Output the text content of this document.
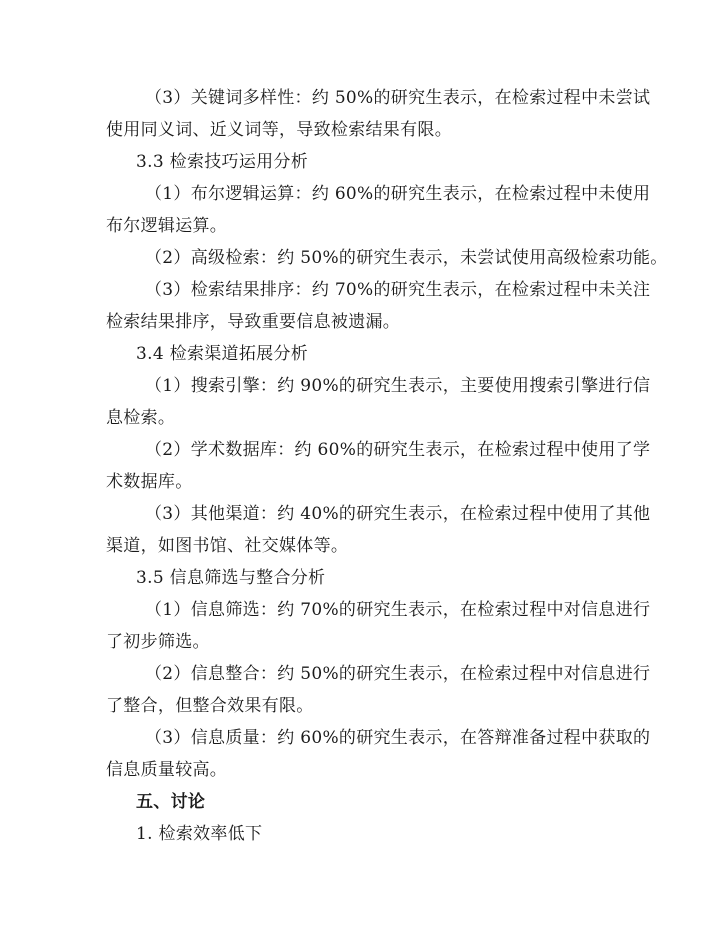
（3）关键词多样性：约 50%的研究生表示，在检索过程中未尝试
使用同义词、近义词等，导致检索结果有限。
3.3 检索技巧运用分析
（1）布尔逻辑运算：约 60%的研究生表示，在检索过程中未使用
布尔逻辑运算。
（2）高级检索：约 50%的研究生表示，未尝试使用高级检索功能。
（3）检索结果排序：约 70%的研究生表示，在检索过程中未关注
检索结果排序，导致重要信息被遗漏。
3.4 检索渠道拓展分析
（1）搜索引擎：约 90%的研究生表示，主要使用搜索引擎进行信
息检索。
（2）学术数据库：约 60%的研究生表示，在检索过程中使用了学
术数据库。
（3）其他渠道：约 40%的研究生表示，在检索过程中使用了其他
渠道，如图书馆、社交媒体等。
3.5 信息筛选与整合分析
（1）信息筛选：约 70%的研究生表示，在检索过程中对信息进行
了初步筛选。
（2）信息整合：约 50%的研究生表示，在检索过程中对信息进行
了整合，但整合效果有限。
（3）信息质量：约 60%的研究生表示，在答辩准备过程中获取的
信息质量较高。
五、讨论
1. 检索效率低下
